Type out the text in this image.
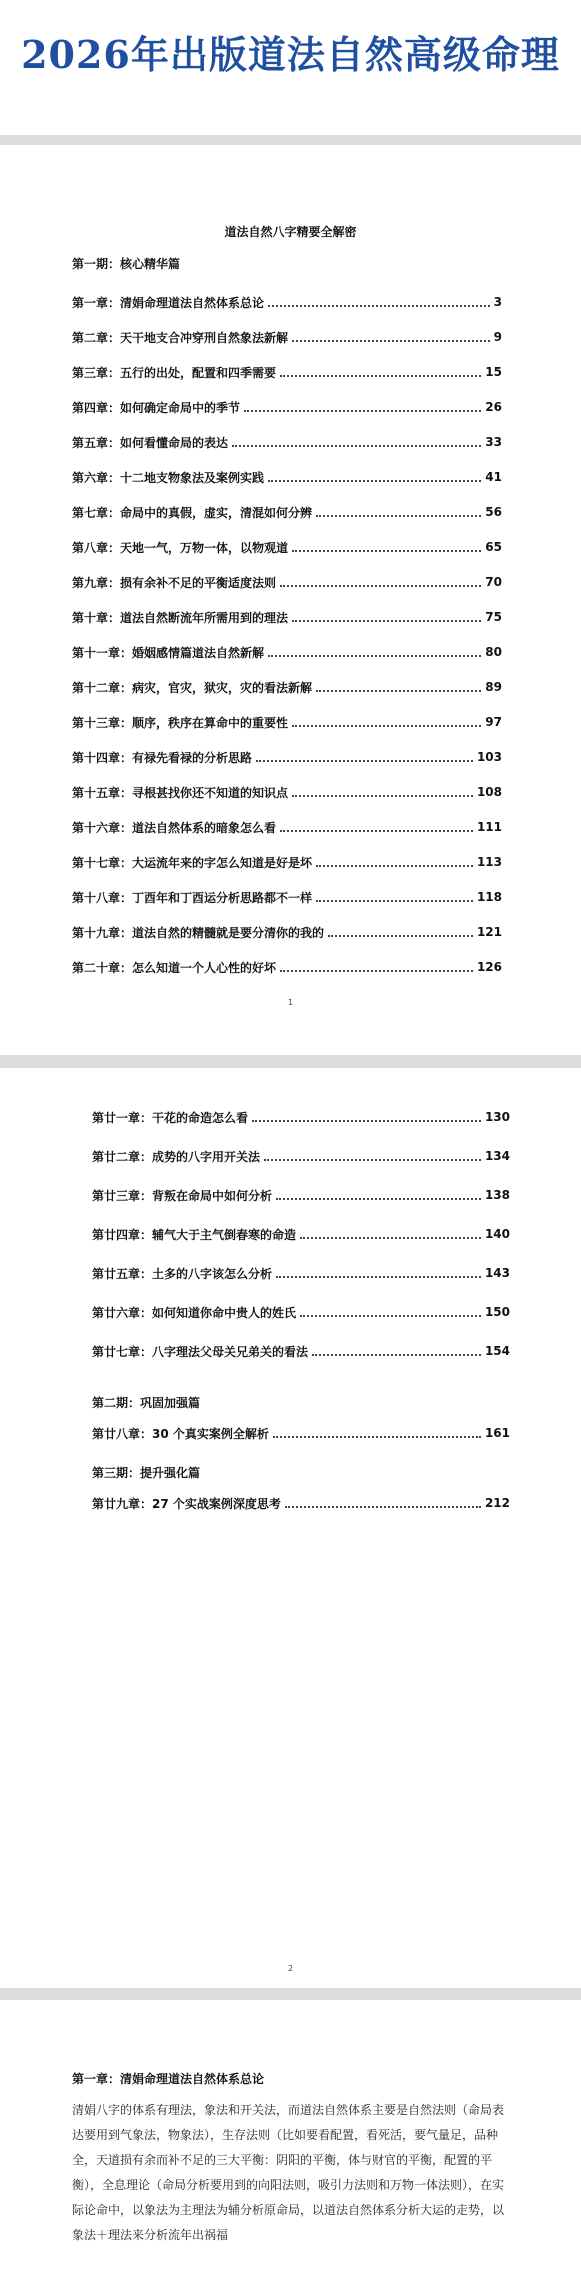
2026年出版道法自然高级命理
道法自然八字精要全解密
第一期：核心精华篇
第一章：清娟命理道法自然体系总论	3
第二章：天干地支合冲穿刑自然象法新解	9
第三章：五行的出处，配置和四季需要	15
第四章：如何确定命局中的季节	26
第五章：如何看懂命局的表达	33
第六章：十二地支物象法及案例实践	41
第七章：命局中的真假，虚实，清混如何分辨	56
第八章：天地一气，万物一体，以物观道	65
第九章：损有余补不足的平衡适度法则	70
第十章：道法自然断流年所需用到的理法	75
第十一章：婚姻感情篇道法自然新解	80
第十二章：病灾，官灾，狱灾，灾的看法新解	89
第十三章：顺序，秩序在算命中的重要性	97
第十四章：有禄先看禄的分析思路	103
第十五章：寻根甚找你还不知道的知识点	108
第十六章：道法自然体系的暗象怎么看	111
第十七章：大运流年来的字怎么知道是好是坏	113
第十八章：丁酉年和丁酉运分析思路都不一样	118
第十九章：道法自然的精髓就是要分清你的我的	121
第二十章：怎么知道一个人心性的好坏	126
1
第廿一章：干花的命造怎么看	130
第廿二章：成势的八字用开关法	134
第廿三章：背叛在命局中如何分析	138
第廿四章：辅气大于主气倒春寒的命造	140
第廿五章：土多的八字该怎么分析	143
第廿六章：如何知道你命中贵人的姓氏	150
第廿七章：八字理法父母关兄弟关的看法	154
第二期：巩固加强篇
第廿八章：30 个真实案例全解析	161
第三期：提升强化篇
第廿九章：27 个实战案例深度思考	212
2
第一章：清娟命理道法自然体系总论
清娟八字的体系有理法，象法和开关法，而道法自然体系主要是自然法则（命局表达要用到气象法，物象法），生存法则（比如要看配置，看死活，要气量足，品种全，天道损有余而补不足的三大平衡：阴阳的平衡，体与财官的平衡，配置的平衡），全息理论（命局分析要用到的向阳法则，吸引力法则和万物一体法则），在实际论命中，以象法为主理法为辅分析原命局，以道法自然体系分析大运的走势，以象法＋理法来分析流年出祸福
